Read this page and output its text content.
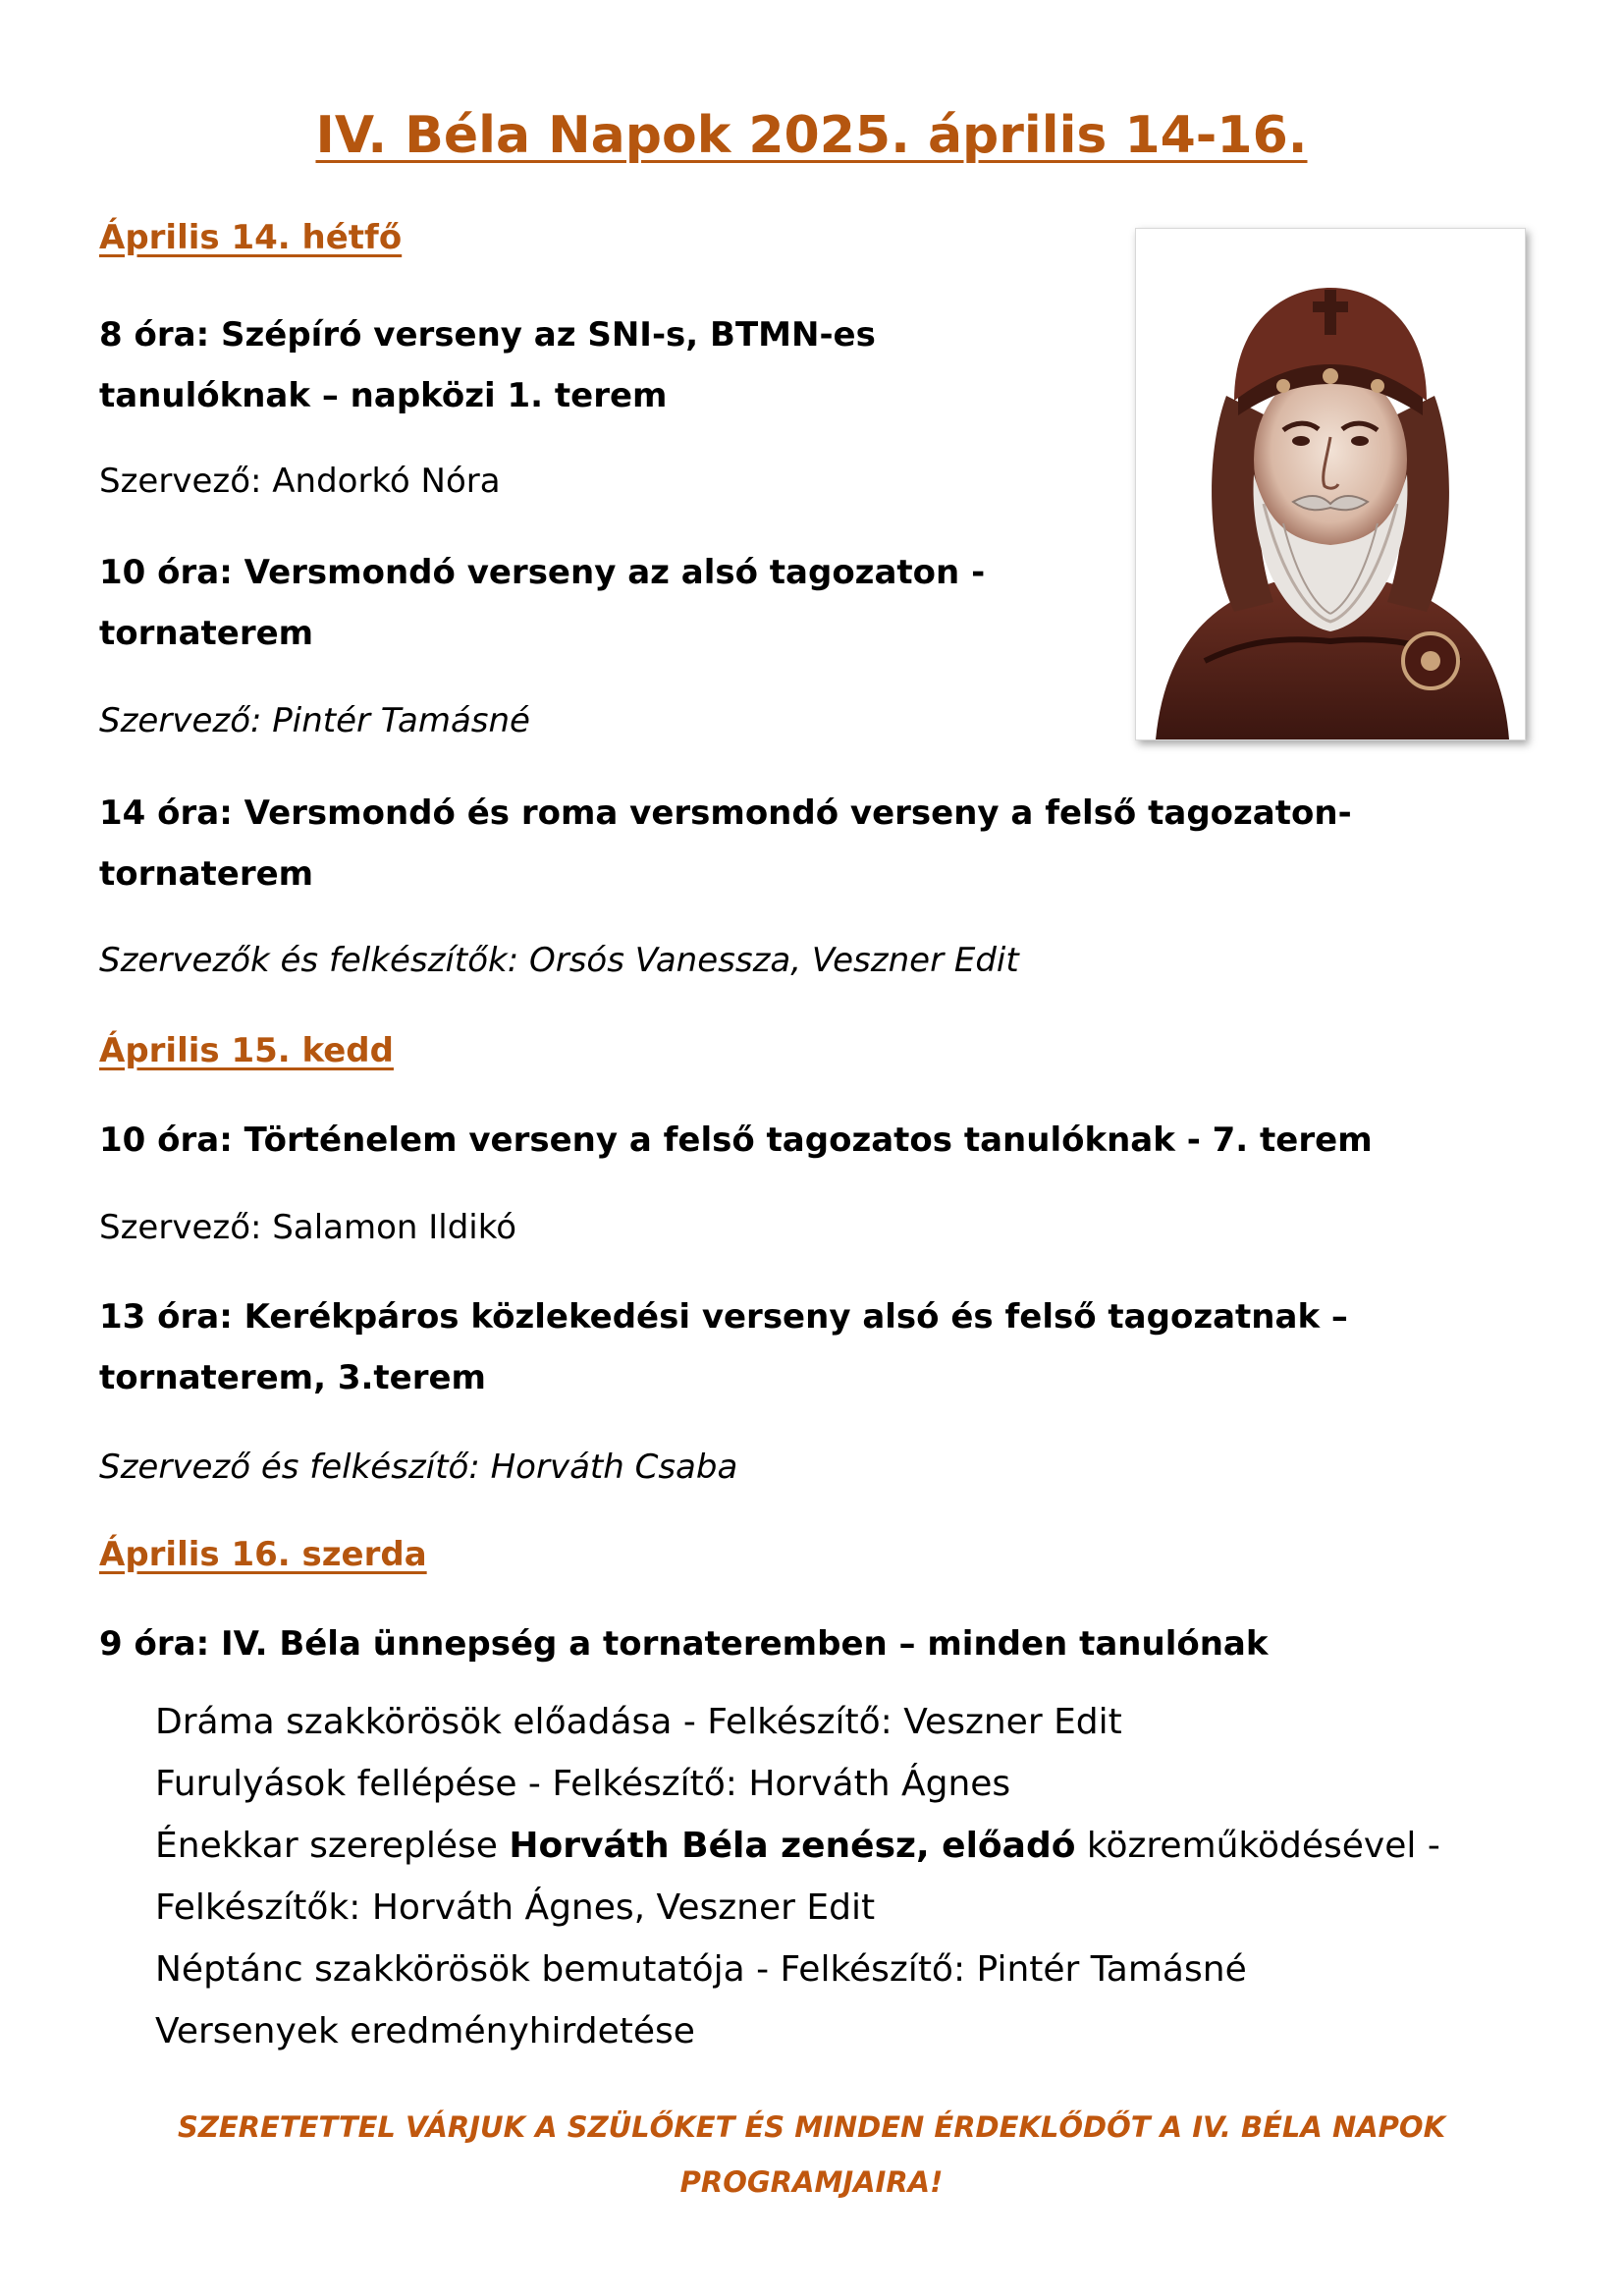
IV. Béla Napok 2025. április 14-16.

Április 14. hétfő

8 óra: Szépíró verseny az SNI-s, BTMN-es
tanulóknak – napközi 1. terem

Szervező: Andorkó Nóra

10 óra: Versmondó verseny az alsó tagozaton -
tornaterem

Szervező: Pintér Tamásné

14 óra: Versmondó és roma versmondó verseny a felső tagozaton-
tornaterem

Szervezők és felkészítők: Orsós Vanessza, Veszner Edit

Április 15. kedd

10 óra: Történelem verseny a felső tagozatos tanulóknak - 7. terem

Szervező: Salamon Ildikó

13 óra: Kerékpáros közlekedési verseny alsó és felső tagozatnak –
tornaterem, 3.terem

Szervező és felkészítő: Horváth Csaba

Április 16. szerda

9 óra: IV. Béla ünnepség a tornateremben – minden tanulónak

Dráma szakkörösök előadása - Felkészítő: Veszner Edit
Furulyások fellépése - Felkészítő: Horváth Ágnes
Énekkar szereplése Horváth Béla zenész, előadó közreműködésével -
Felkészítők: Horváth Ágnes, Veszner Edit
Néptánc szakkörösök bemutatója - Felkészítő: Pintér Tamásné
Versenyek eredményhirdetése

SZERETETTEL VÁRJUK A SZÜLŐKET ÉS MINDEN ÉRDEKLŐDŐT A IV. BÉLA NAPOK
PROGRAMJAIRA!
